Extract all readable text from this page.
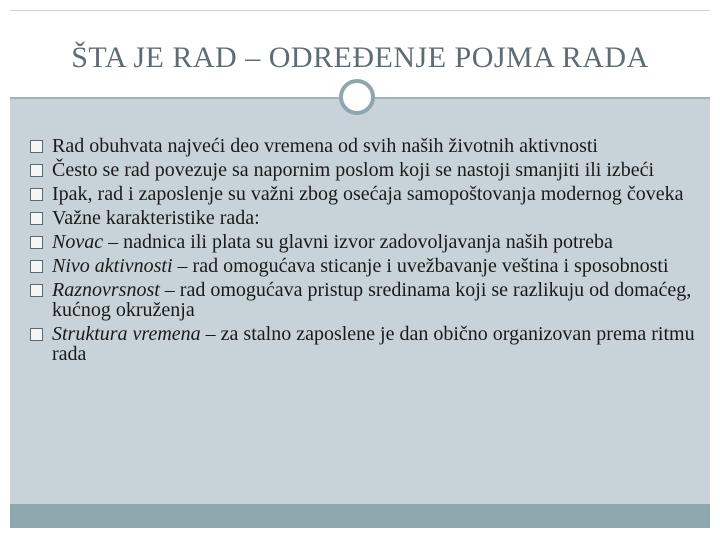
ŠTA JE RAD – ODREĐENJE POJMA RADA
Rad obuhvata najveći deo vremena od svih naših životnih aktivnosti
Često se rad povezuje sa napornim poslom koji se nastoji smanjiti ili izbeći
Ipak, rad i zaposlenje su važni zbog osećaja samopoštovanja modernog čoveka
Važne karakteristike rada:
Novac – nadnica ili plata su glavni izvor zadovoljavanja naših potreba
Nivo aktivnosti – rad omogućava sticanje i uvežbavanje veština i sposobnosti
Raznovrsnost – rad omogućava pristup sredinama koji se razlikuju od domaćeg, kućnog okruženja
Struktura vremena – za stalno zaposlene je dan obično organizovan prema ritmu rada
